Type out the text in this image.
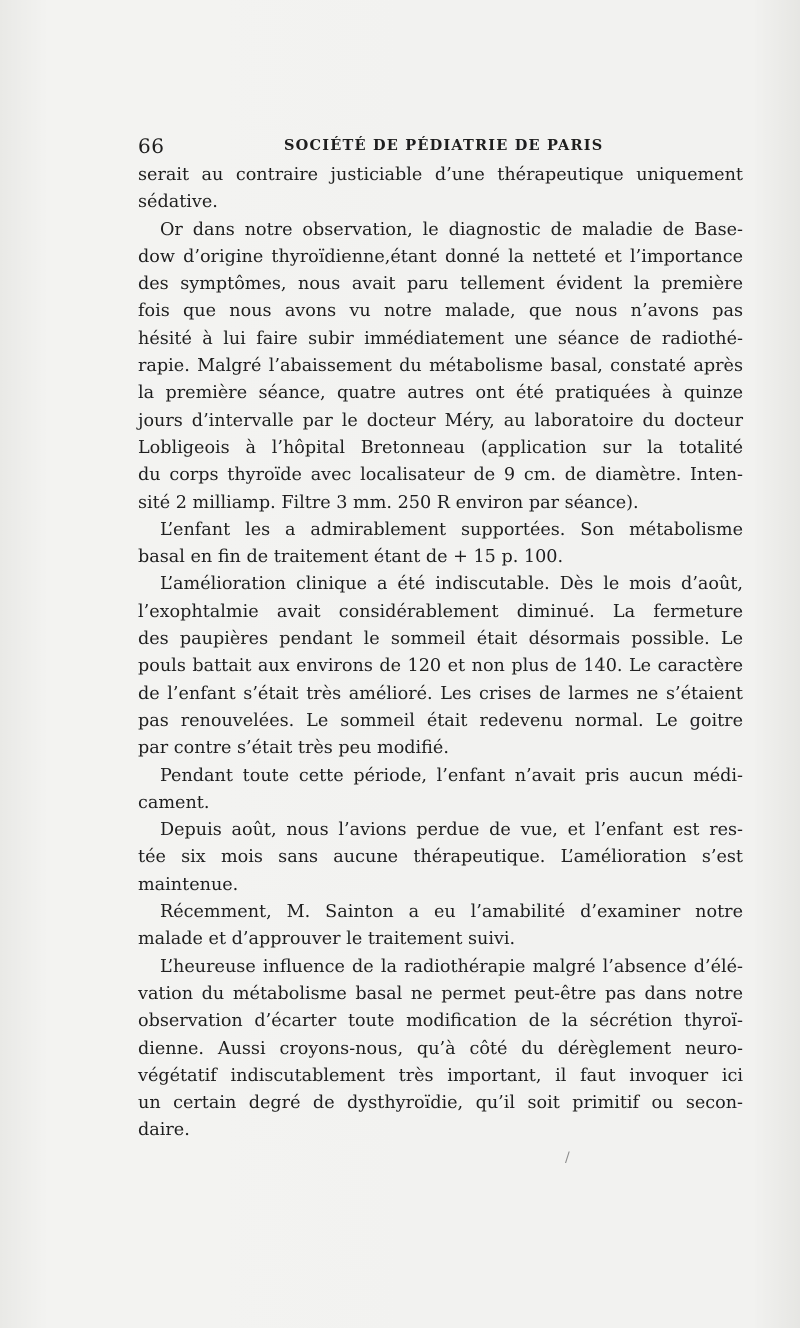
66	SOCIÉTÉ DE PÉDIATRIE DE PARIS
serait au contraire justiciable d’une thérapeutique uniquement
sédative.
Or dans notre observation, le diagnostic de maladie de Base-
dow d’origine thyroïdienne,étant donné la netteté et l’importance
des symptômes, nous avait paru tellement évident la première
fois que nous avons vu notre malade, que nous n’avons pas
hésité à lui faire subir immédiatement une séance de radiothé-
rapie. Malgré l’abaissement du métabolisme basal, constaté après
la première séance, quatre autres ont été pratiquées à quinze
jours d’intervalle par le docteur Méry, au laboratoire du docteur
Lobligeois à l’hôpital Bretonneau (application sur la totalité
du corps thyroïde avec localisateur de 9 cm. de diamètre. Inten-
sité 2 milliamp. Filtre 3 mm. 250 R environ par séance).
L’enfant les a admirablement supportées. Son métabolisme
basal en fin de traitement étant de + 15 p. 100.
L’amélioration clinique a été indiscutable. Dès le mois d’août,
l’exophtalmie avait considérablement diminué. La fermeture
des paupières pendant le sommeil était désormais possible. Le
pouls battait aux environs de 120 et non plus de 140. Le caractère
de l’enfant s’était très amélioré. Les crises de larmes ne s’étaient
pas renouvelées. Le sommeil était redevenu normal. Le goitre
par contre s’était très peu modifié.
Pendant toute cette période, l’enfant n’avait pris aucun médi-
cament.
Depuis août, nous l’avions perdue de vue, et l’enfant est res-
tée six mois sans aucune thérapeutique. L’amélioration s’est
maintenue.
Récemment, M. Sainton a eu l’amabilité d’examiner notre
malade et d’approuver le traitement suivi.
L’heureuse influence de la radiothérapie malgré l’absence d’élé-
vation du métabolisme basal ne permet peut-être pas dans notre
observation d’écarter toute modification de la sécrétion thyroï-
dienne. Aussi croyons-nous, qu’à côté du dérèglement neuro-
végétatif indiscutablement très important, il faut invoquer ici
un certain degré de dysthyroïdie, qu’il soit primitif ou secon-
daire.
/
